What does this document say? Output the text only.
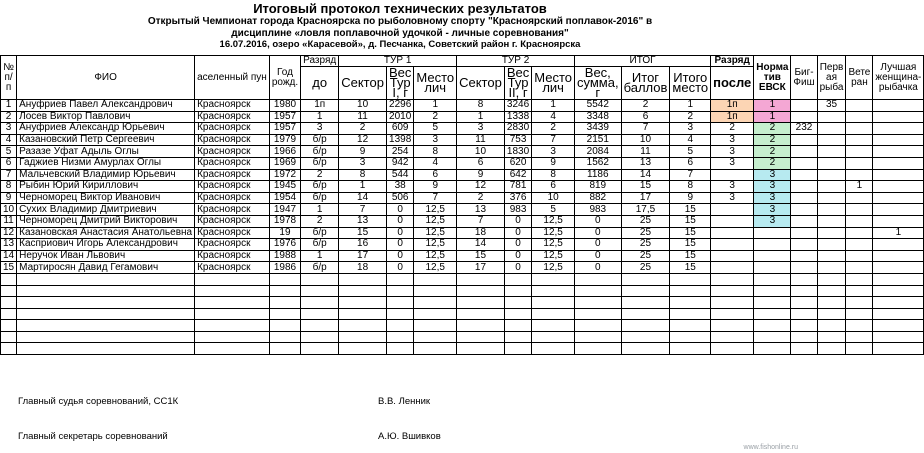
Итоговый протокол технических результатов
Открытый Чемпионат города Красноярска по рыболовному спорту "Красноярский поплавок-2016" в
дисциплине «ловля поплавочной удочкой - личные соревнования"
16.07.2016, озеро «Карасевой», д. Песчанка, Советский район г. Красноярска
№ п/п	ФИО	аселенный пун	Год рожд.	Разряд	ТУР 1			ТУР 2			ИТОГ			Разряд	Норма тив ЕВСК	Биг-Фиш	Перв ая рыба	Вете ран	Лучшая женщина-рыбачка
				до	Сектор	Вес Тур I, г	Место лич	Сектор	Вес Тур II, г	Место лич	Вес, сумма, г	Итог баллов	Итого место	после					
1	Ануфриев Павел Александрович	Красноярск	1980	1п	10	2296	1	8	3246	1	5542	2	1	1п	1		35		
2	Лосев Виктор Павлович	Красноярск	1957	1	11	2010	2	1	1338	4	3348	6	2	1п	1				
3	Ануфриев Александр Юрьевич	Красноярск	1957	3	2	609	5	3	2830	2	3439	7	3	2	2	232			
4	Казановский Петр Сергеевич	Красноярск	1979	б/р	12	1398	3	11	753	7	2151	10	4	3	2				
5	Разазе Уфат Адыль Оглы	Красноярск	1966	б/р	9	254	8	10	1830	3	2084	11	5	3	2				
6	Гаджиев Низми Амурлах Оглы	Красноярск	1969	б/р	3	942	4	6	620	9	1562	13	6	3	2				
7	Мальчевский Владимир Юрьевич	Красноярск	1972	2	8	544	6	9	642	8	1186	14	7		3				
8	Рыбин Юрий Кириллович	Красноярск	1945	б/р	1	38	9	12	781	6	819	15	8	3	3			1	
9	Черноморец Виктор Иванович	Красноярск	1954	б/р	14	506	7	2	376	10	882	17	9	3	3				
10	Сухих Владимир Дмитриевич	Красноярск	1947	1	7	0	12,5	13	983	5	983	17,5	15		3				
11	Черноморец Дмитрий Викторович	Красноярск	1978	2	13	0	12,5	7	0	12,5	0	25	15		3				
12	Казановская Анастасия Анатольевна	Красноярск	19	б/р	15	0	12,5	18	0	12,5	0	25	15						1
13	Касприович Игорь Александрович	Красноярск	1976	б/р	16	0	12,5	14	0	12,5	0	25	15						
14	Неручок Иван Львович	Красноярск	1988	1	17	0	12,5	15	0	12,5	0	25	15						
15	Мартиросян Давид Гегамович	Красноярск	1986	б/р	18	0	12,5	17	0	12,5	0	25	15						

Главный судья соревнований, СС1К	В.В. Ленник
Главный секретарь соревнований	А.Ю. Вшивков
www.fishonline.ru
